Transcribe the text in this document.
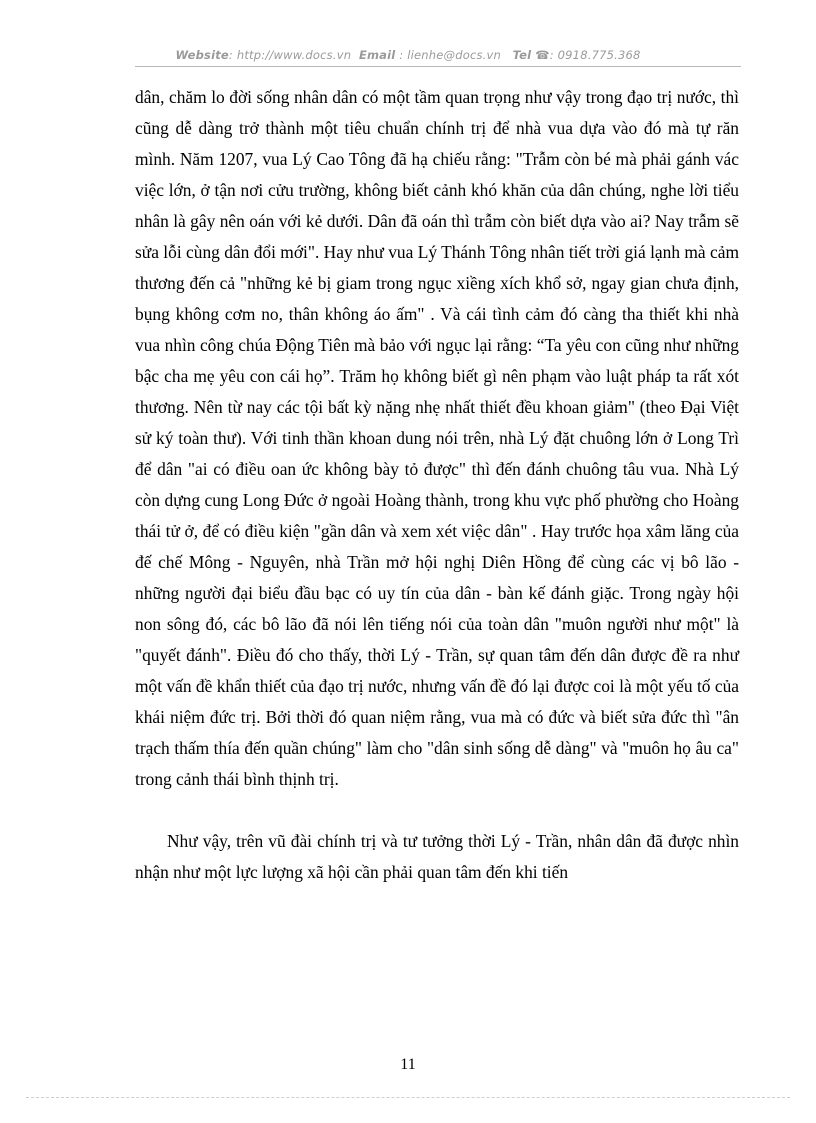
Website: http://www.docs.vn Email : lienhe@docs.vn Tel ☎: 0918.775.368

dân, chăm lo đời sống nhân dân có một tầm quan trọng như vậy trong đạo trị nước, thì cũng dễ dàng trở thành một tiêu chuẩn chính trị để nhà vua dựa vào đó mà tự răn mình. Năm 1207, vua Lý Cao Tông đã hạ chiếu rằng: "Trẫm còn bé mà phải gánh vác việc lớn, ở tận nơi cửu trường, không biết cảnh khó khăn của dân chúng, nghe lời tiểu nhân là gây nên oán với kẻ dưới. Dân đã oán thì trẫm còn biết dựa vào ai? Nay trẫm sẽ sửa lỗi cùng dân đổi mới". Hay như vua Lý Thánh Tông nhân tiết trời giá lạnh mà cảm thương đến cả "những kẻ bị giam trong ngục xiềng xích khổ sở, ngay gian chưa định, bụng không cơm no, thân không áo ấm" . Và cái tình cảm đó càng tha thiết khi nhà vua nhìn công chúa Động Tiên mà bảo với ngục lại rằng: “Ta yêu con cũng như những bậc cha mẹ yêu con cái họ”. Trăm họ không biết gì nên phạm vào luật pháp ta rất xót thương. Nên từ nay các tội bất kỳ nặng nhẹ nhất thiết đều khoan giảm" (theo Đại Việt sử ký toàn thư). Với tinh thần khoan dung nói trên, nhà Lý đặt chuông lớn ở Long Trì để dân "ai có điều oan ức không bày tỏ được" thì đến đánh chuông tâu vua. Nhà Lý còn dựng cung Long Đức ở ngoài Hoàng thành, trong khu vực phố phường cho Hoàng thái tử ở, để có điều kiện "gần dân và xem xét việc dân" . Hay trước họa xâm lăng của đế chế Mông - Nguyên, nhà Trần mở hội nghị Diên Hồng để cùng các vị bô lão - những người đại biểu đầu bạc có uy tín của dân - bàn kế đánh giặc. Trong ngày hội non sông đó, các bô lão đã nói lên tiếng nói của toàn dân "muôn người như một" là "quyết đánh". Điều đó cho thấy, thời Lý - Trần, sự quan tâm đến dân được đề ra như một vấn đề khẩn thiết của đạo trị nước, nhưng vấn đề đó lại được coi là một yếu tố của khái niệm đức trị. Bởi thời đó quan niệm rằng, vua mà có đức và biết sửa đức thì "ân trạch thấm thía đến quần chúng" làm cho "dân sinh sống dễ dàng" và "muôn họ âu ca" trong cảnh thái bình thịnh trị.

Như vậy, trên vũ đài chính trị và tư tưởng thời Lý - Trần, nhân dân đã được nhìn nhận như một lực lượng xã hội cần phải quan tâm đến khi tiến

11
